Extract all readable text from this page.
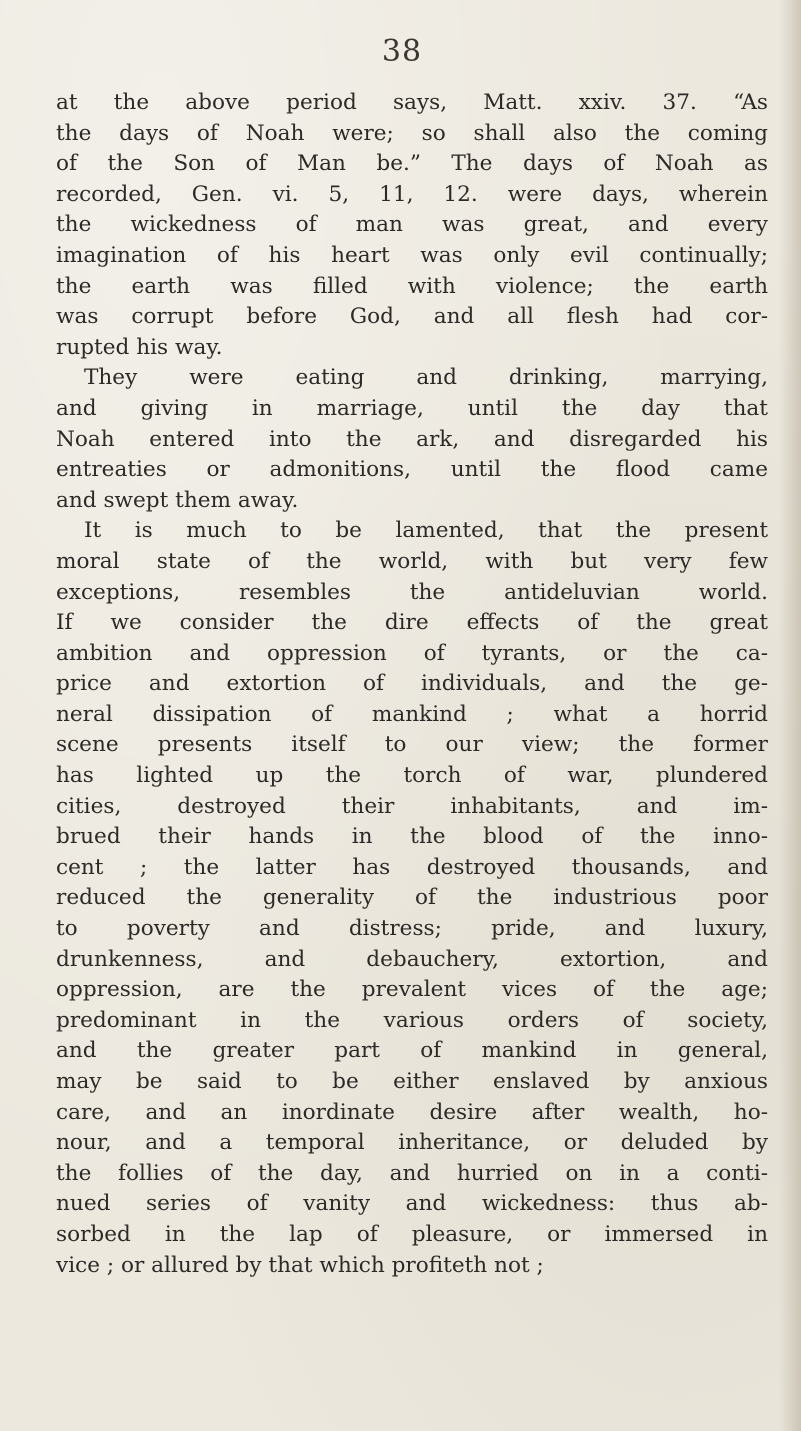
38
at the above period says, Matt. xxiv. 37. “As
the days of Noah were; so shall also the coming
of the Son of Man be.” The days of Noah as
recorded, Gen. vi. 5, 11, 12. were days, wherein
the wickedness of man was great, and every
imagination of his heart was only evil continually;
the earth was filled with violence; the earth
was corrupt before God, and all flesh had cor-
rupted his way.
They were eating and drinking, marrying,
and giving in marriage, until the day that
Noah entered into the ark, and disregarded his
entreaties or admonitions, until the flood came
and swept them away.
It is much to be lamented, that the present
moral state of the world, with but very few
exceptions, resembles the antideluvian world.
If we consider the dire effects of the great
ambition and oppression of tyrants, or the ca-
price and extortion of individuals, and the ge-
neral dissipation of mankind ; what a horrid
scene presents itself to our view; the former
has lighted up the torch of war, plundered
cities, destroyed their inhabitants, and im-
brued their hands in the blood of the inno-
cent ; the latter has destroyed thousands, and
reduced the generality of the industrious poor
to poverty and distress; pride, and luxury,
drunkenness, and debauchery, extortion, and
oppression, are the prevalent vices of the age;
predominant in the various orders of society,
and the greater part of mankind in general,
may be said to be either enslaved by anxious
care, and an inordinate desire after wealth, ho-
nour, and a temporal inheritance, or deluded by
the follies of the day, and hurried on in a conti-
nued series of vanity and wickedness: thus ab-
sorbed in the lap of pleasure, or immersed in
vice ; or allured by that which profiteth not ;
